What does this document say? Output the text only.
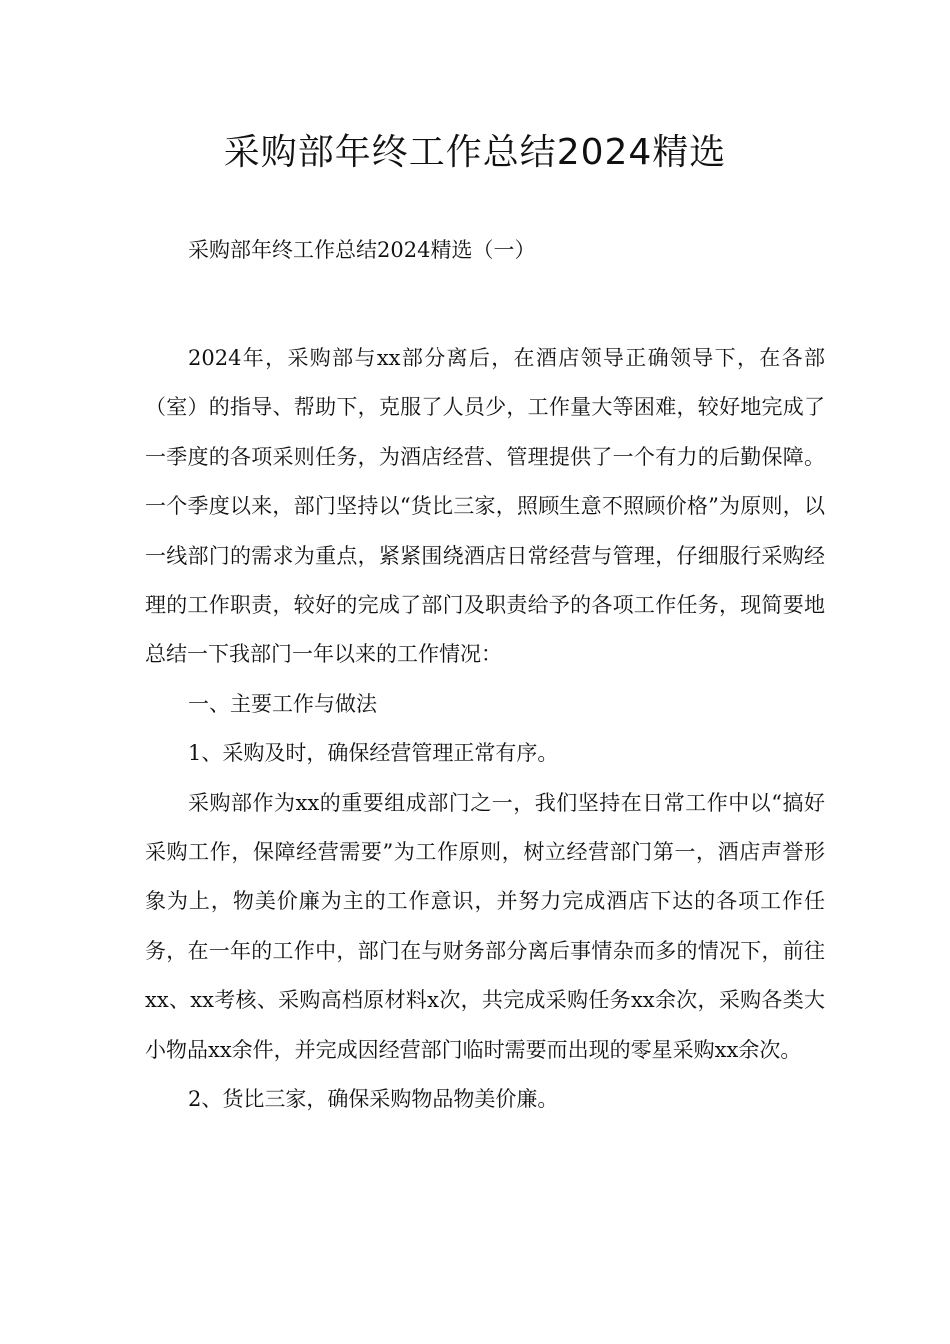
采购部年终工作总结2024精选

采购部年终工作总结2024精选（一）

2024年，采购部与xx部分离后，在酒店领导正确领导下，在各部（室）的指导、帮助下，克服了人员少，工作量大等困难，较好地完成了一季度的各项采则任务，为酒店经营、管理提供了一个有力的后勤保障。一个季度以来，部门坚持以“货比三家，照顾生意不照顾价格”为原则，以一线部门的需求为重点，紧紧围绕酒店日常经营与管理，仔细服行采购经理的工作职责，较好的完成了部门及职责给予的各项工作任务，现简要地总结一下我部门一年以来的工作情况：

一、主要工作与做法

1、采购及时，确保经营管理正常有序。

采购部作为xx的重要组成部门之一，我们坚持在日常工作中以“搞好采购工作，保障经营需要”为工作原则，树立经营部门第一，酒店声誉形象为上，物美价廉为主的工作意识，并努力完成酒店下达的各项工作任务，在一年的工作中，部门在与财务部分离后事情杂而多的情况下，前往xx、xx考核、采购高档原材料x次，共完成采购任务xx余次，采购各类大小物品xx余件，并完成因经营部门临时需要而出现的零星采购xx余次。

2、货比三家，确保采购物品物美价廉。
